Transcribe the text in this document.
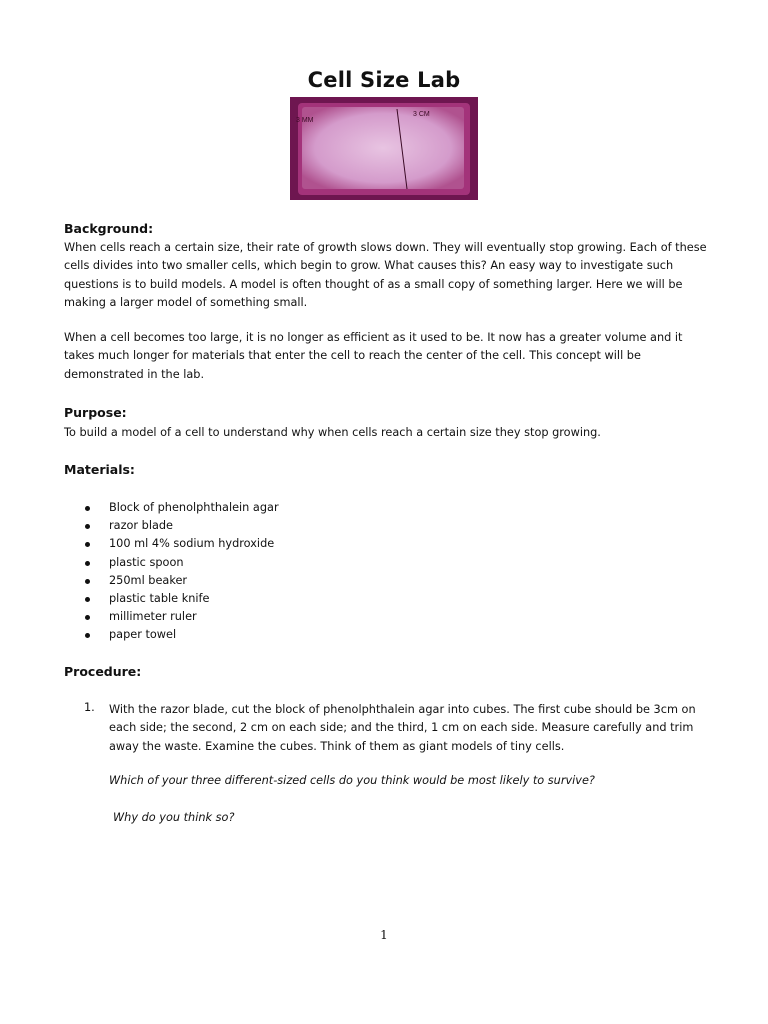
Cell Size Lab
3 MM
3 CM
Background:
When cells reach a certain size, their rate of growth slows down. They will eventually stop growing. Each of these cells divides into two smaller cells, which begin to grow. What causes this? An easy way to investigate such questions is to build models. A model is often thought of as a small copy of something larger. Here we will be making a larger model of something small.
When a cell becomes too large, it is no longer as efficient as it used to be. It now has a greater volume and it takes much longer for materials that enter the cell to reach the center of the cell. This concept will be demonstrated in the lab.
Purpose:
To build a model of a cell to understand why when cells reach a certain size they stop growing.
Materials:
Block of phenolphthalein agar
razor blade
100 ml 4% sodium hydroxide
plastic spoon
250ml beaker
plastic table knife
millimeter ruler
paper towel
Procedure:
1. With the razor blade, cut the block of phenolphthalein agar into cubes. The first cube should be 3cm on each side; the second, 2 cm on each side; and the third, 1 cm on each side. Measure carefully and trim away the waste. Examine the cubes. Think of them as giant models of tiny cells.
Which of your three different-sized cells do you think would be most likely to survive?
Why do you think so?
1
